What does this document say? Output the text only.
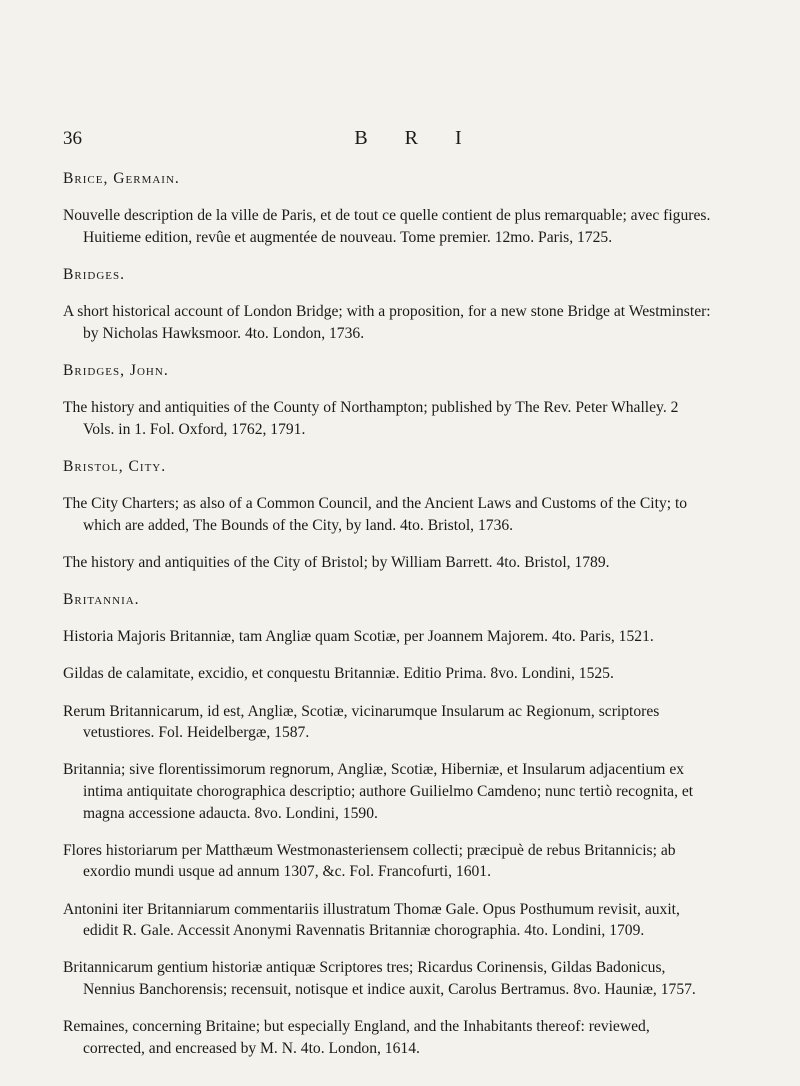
36	B R I

Brice, Germain.

Nouvelle description de la ville de Paris, et de tout ce quelle contient de plus remarquable; avec figures. Huitieme edition, revûe et augmentée de nouveau. Tome premier. 12mo. Paris, 1725.

Bridges.

A short historical account of London Bridge; with a proposition, for a new stone Bridge at Westminster: by Nicholas Hawksmoor. 4to. London, 1736.

Bridges, John.

The history and antiquities of the County of Northampton; published by The Rev. Peter Whalley. 2 Vols. in 1. Fol. Oxford, 1762, 1791.

Bristol, City.

The City Charters; as also of a Common Council, and the Ancient Laws and Customs of the City; to which are added, The Bounds of the City, by land. 4to. Bristol, 1736.

The history and antiquities of the City of Bristol; by William Barrett. 4to. Bristol, 1789.

Britannia.

Historia Majoris Britanniæ, tam Angliæ quam Scotiæ, per Joannem Majorem. 4to. Paris, 1521.

Gildas de calamitate, excidio, et conquestu Britanniæ. Editio Prima. 8vo. Londini, 1525.

Rerum Britannicarum, id est, Angliæ, Scotiæ, vicinarumque Insularum ac Regionum, scriptores vetustiores. Fol. Heidelbergæ, 1587.

Britannia; sive florentissimorum regnorum, Angliæ, Scotiæ, Hiberniæ, et Insularum adjacentium ex intima antiquitate chorographica descriptio; authore Guilielmo Camdeno; nunc tertiò recognita, et magna accessione adaucta. 8vo. Londini, 1590.

Flores historiarum per Matthæum Westmonasteriensem collecti; præcipuè de rebus Britannicis; ab exordio mundi usque ad annum 1307, &c. Fol. Francofurti, 1601.

Antonini iter Britanniarum commentariis illustratum Thomæ Gale. Opus Posthumum revisit, auxit, edidit R. Gale. Accessit Anonymi Ravennatis Britanniæ chorographia. 4to. Londini, 1709.

Britannicarum gentium historiæ antiquæ Scriptores tres; Ricardus Corinensis, Gildas Badonicus, Nennius Banchorensis; recensuit, notisque et indice auxit, Carolus Bertramus. 8vo. Hauniæ, 1757.

Remaines, concerning Britaine; but especially England, and the Inhabitants thereof: reviewed, corrected, and encreased by M. N. 4to. London, 1614.
